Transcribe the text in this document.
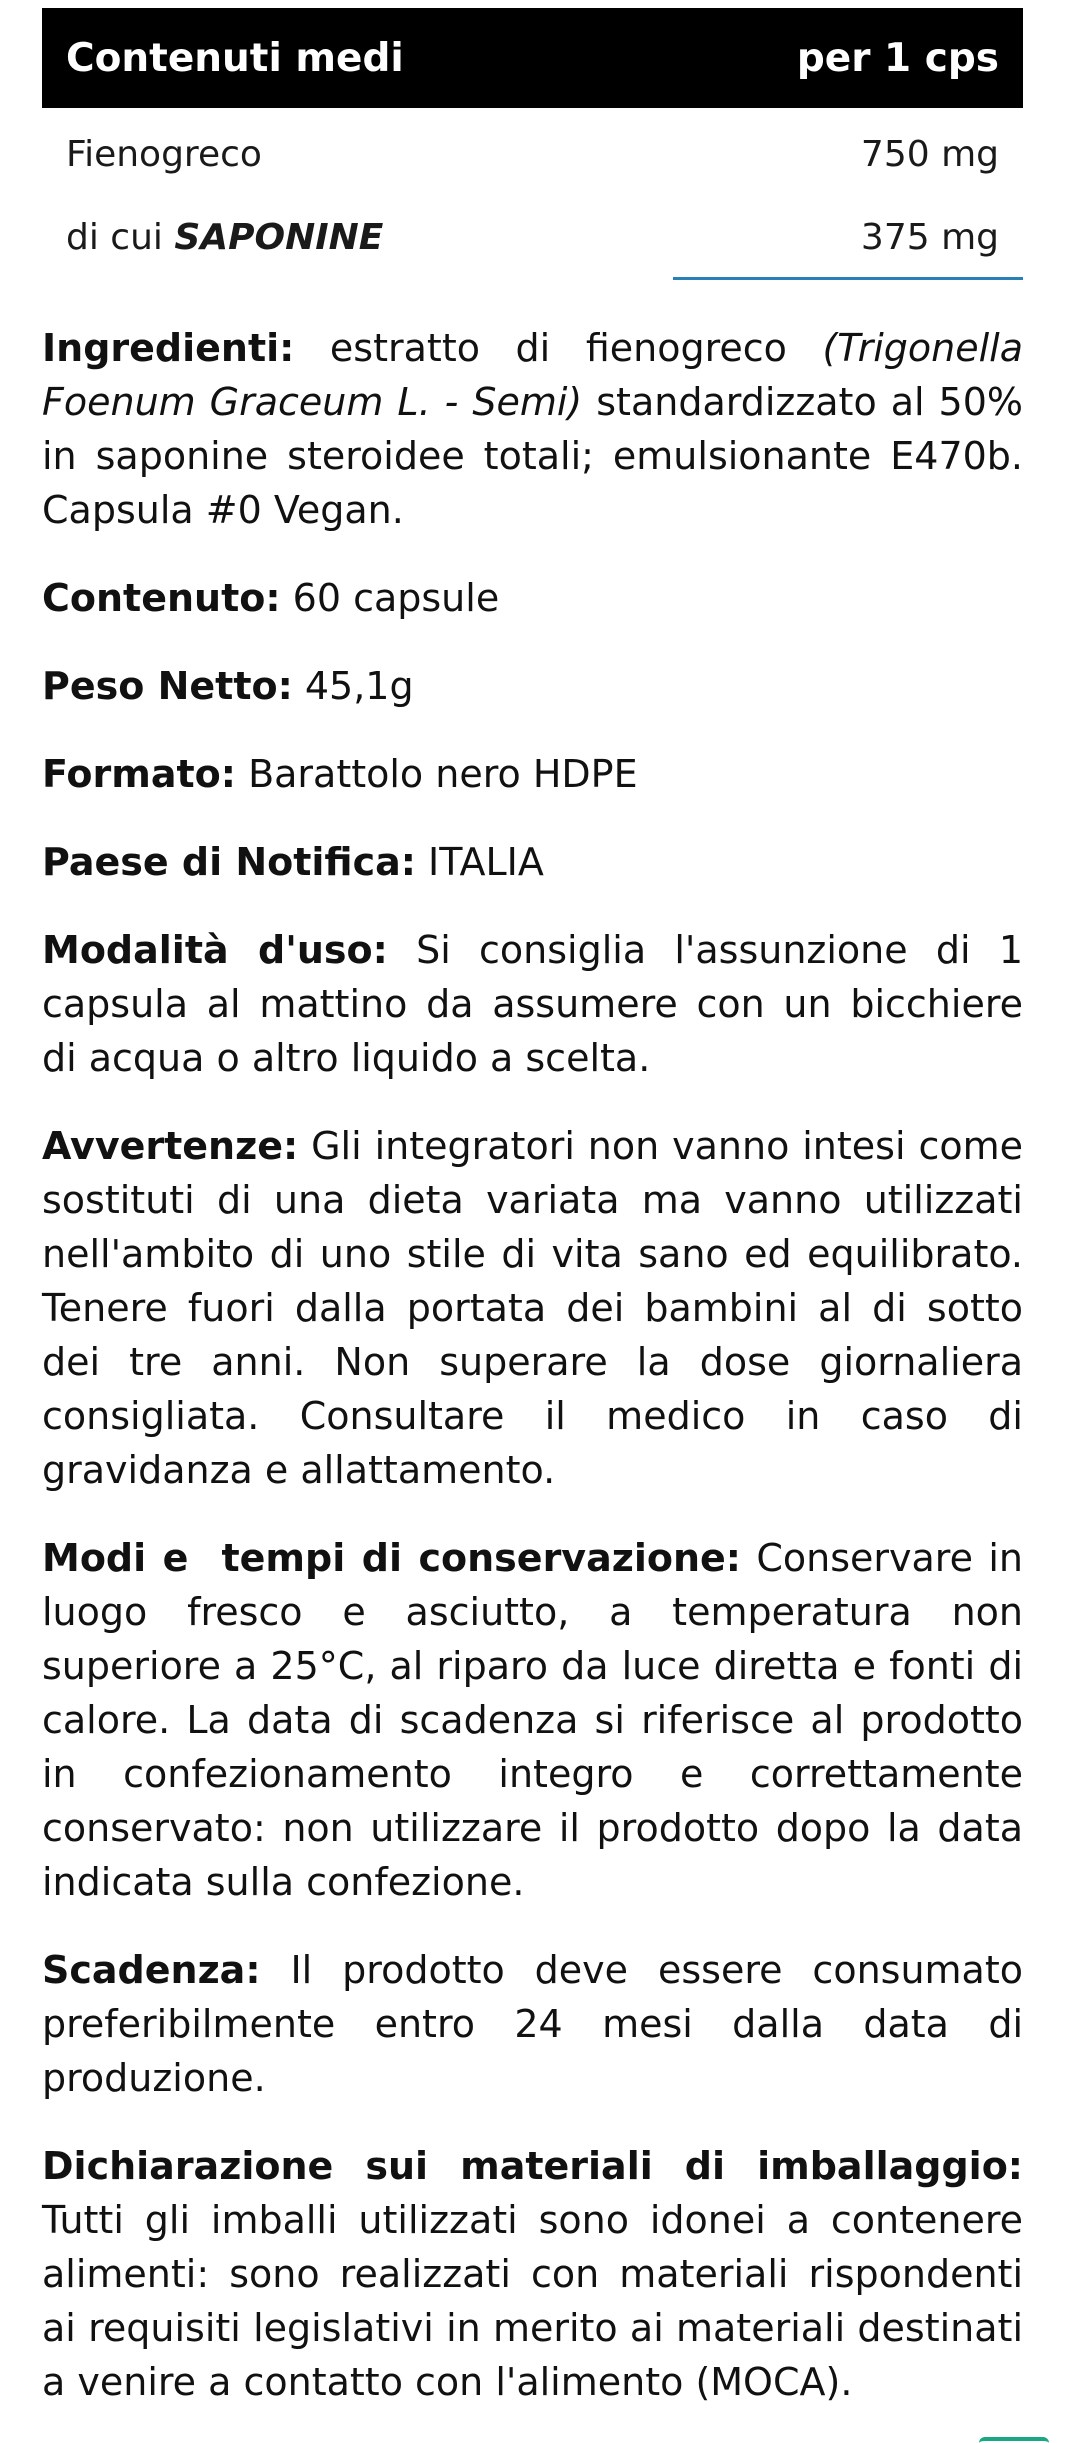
Contenuti medi	per 1 cps
Fienogreco	750 mg
di cui SAPONINE	375 mg

Ingredienti: estratto di fienogreco (Trigonella Foenum Graceum L. - Semi) standardizzato al 50% in saponine steroidee totali; emulsionante E470b. Capsula #0 Vegan.

Contenuto: 60 capsule

Peso Netto: 45,1g

Formato: Barattolo nero HDPE

Paese di Notifica: ITALIA

Modalità d'uso: Si consiglia l'assunzione di 1 capsula al mattino da assumere con un bicchiere di acqua o altro liquido a scelta.

Avvertenze: Gli integratori non vanno intesi come sostituti di una dieta variata ma vanno utilizzati nell'ambito di uno stile di vita sano ed equilibrato. Tenere fuori dalla portata dei bambini al di sotto dei tre anni. Non superare la dose giornaliera consigliata. Consultare il medico in caso di gravidanza e allattamento.

Modi e  tempi di conservazione: Conservare in luogo fresco e asciutto, a temperatura non superiore a 25°C, al riparo da luce diretta e fonti di calore. La data di scadenza si riferisce al prodotto in confezionamento integro e correttamente conservato: non utilizzare il prodotto dopo la data indicata sulla confezione.

Scadenza: Il prodotto deve essere consumato preferibilmente entro 24 mesi dalla data di produzione.

Dichiarazione sui materiali di imballaggio: Tutti gli imballi utilizzati sono idonei a contenere alimenti: sono realizzati con materiali rispondenti ai requisiti legislativi in merito ai materiali destinati a venire a contatto con l'alimento (MOCA).
